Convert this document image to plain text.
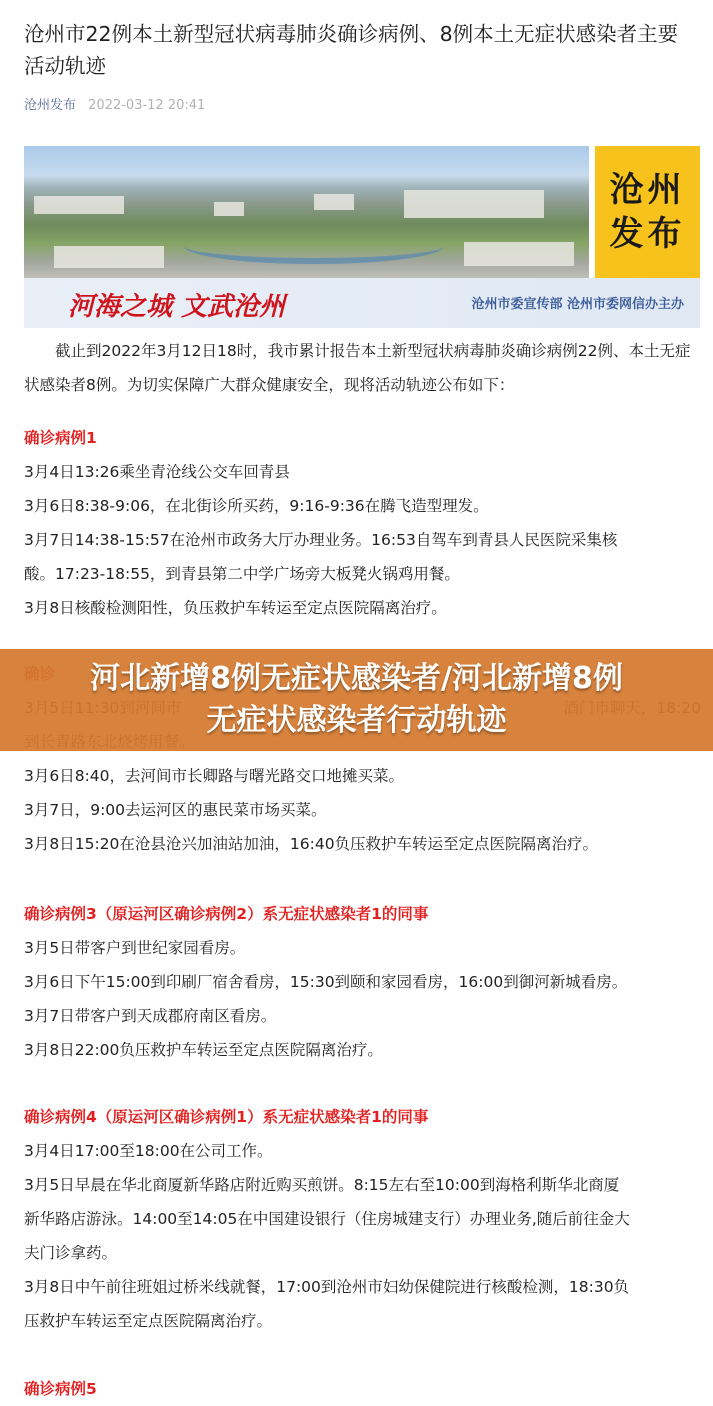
沧州市22例本土新型冠状病毒肺炎确诊病例、8例本土无症状感染者主要活动轨迹
沧州发布 2022-03-12 20:41
沧州
发布
河海之城 文武沧州	沧州市委宣传部 沧州市委网信办主办

截止到2022年3月12日18时，我市累计报告本土新型冠状病毒肺炎确诊病例22例、本土无症状感染者8例。为切实保障广大群众健康安全，现将活动轨迹公布如下：

确诊病例1

3月4日13:26乘坐青沧线公交车回青县

3月6日8:38-9:06，在北街诊所买药，9:16-9:36在腾飞造型理发。

3月7日14:38-15:57在沧州市政务大厅办理业务。16:53自驾车到青县人民医院采集核

酸。17:23-18:55，到青县第二中学广场旁大板凳火锅鸡用餐。

3月8日核酸检测阳性，负压救护车转运至定点医院隔离治疗。

3月6日8:40，去河间市长卿路与曙光路交口地摊买菜。

3月7日，9:00去运河区的惠民菜市场买菜。

3月8日15:20在沧县沧兴加油站加油，16:40负压救护车转运至定点医院隔离治疗。

确诊病例3（原运河区确诊病例2）系无症状感染者1的同事

3月5日带客户到世纪家园看房。

3月6日下午15:00到印刷厂宿舍看房，15:30到颐和家园看房，16:00到御河新城看房。

3月7日带客户到天成郡府南区看房。

3月8日22:00负压救护车转运至定点医院隔离治疗。

确诊病例4（原运河区确诊病例1）系无症状感染者1的同事

3月4日17:00至18:00在公司工作。

3月5日早晨在华北商厦新华路店附近购买煎饼。8:15左右至10:00到海格利斯华北商厦

新华路店游泳。14:00至14:05在中国建设银行（住房城建支行）办理业务,随后前往金大

夫门诊拿药。

3月8日中午前往班姐过桥米线就餐，17:00到沧州市妇幼保健院进行核酸检测，18:30负

压救护车转运至定点医院隔离治疗。

确诊病例5

河北新增8例无症状感染者/河北新增8例
无症状感染者行动轨迹
